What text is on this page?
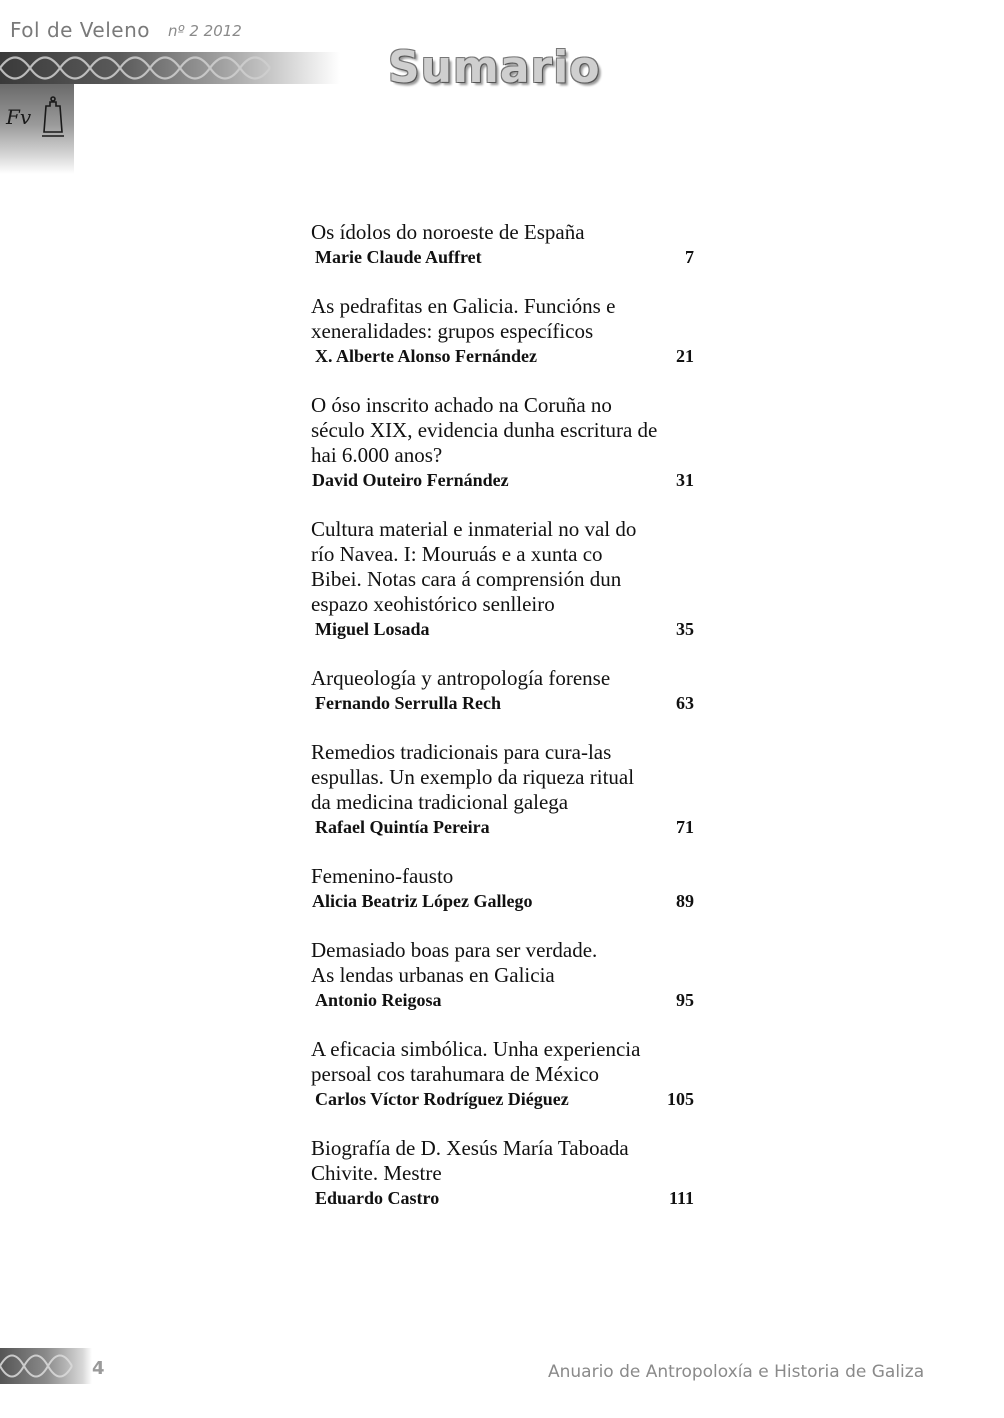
Fol de Veleno nº 2 2012
Fv
Sumario
Os ídolos do noroeste de España
Marie Claude Auffret	7
As pedrafitas en Galicia. Funcións e
xeneralidades: grupos específicos
X. Alberte Alonso Fernández	21
O óso inscrito achado na Coruña no
século XIX, evidencia dunha escritura de
hai 6.000 anos?
David Outeiro Fernández	31
Cultura material e inmaterial no val do
río Navea. I: Mouruás e a xunta co
Bibei. Notas cara á comprensión dun
espazo xeohistórico senlleiro
Miguel Losada	35
Arqueología y antropología forense
Fernando Serrulla Rech	63
Remedios tradicionais para cura-las
espullas. Un exemplo da riqueza ritual
da medicina tradicional galega
Rafael Quintía Pereira	71
Femenino-fausto
Alicia Beatriz López Gallego	89
Demasiado boas para ser verdade.
As lendas urbanas en Galicia
Antonio Reigosa	95
A eficacia simbólica. Unha experiencia
persoal cos tarahumara de México
Carlos Víctor Rodríguez Diéguez	105
Biografía de D. Xesús María Taboada
Chivite. Mestre
Eduardo Castro	111
4	Anuario de Antropoloxía e Historia de Galiza
